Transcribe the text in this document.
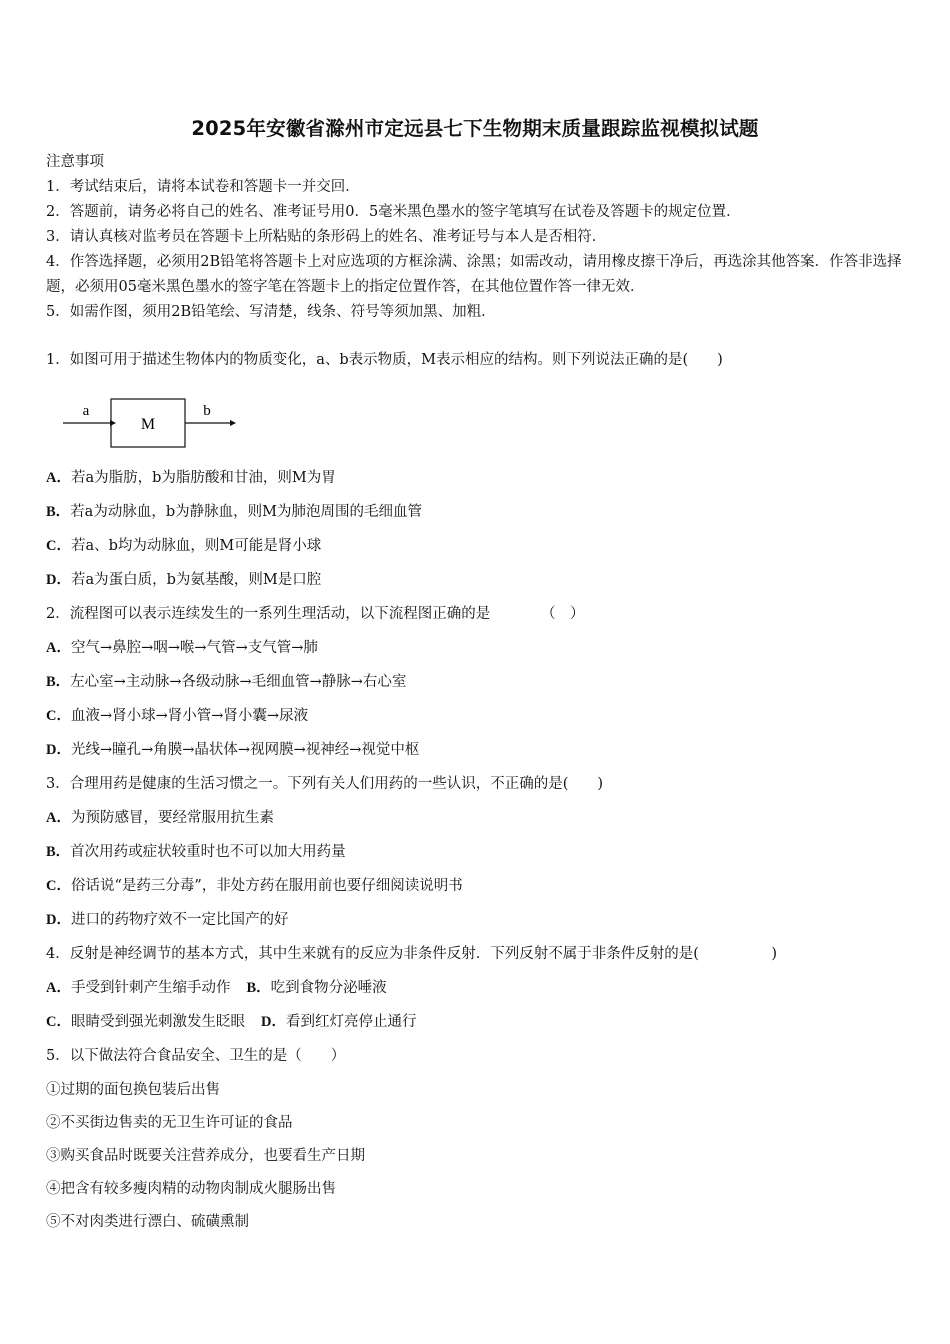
2025年安徽省滁州市定远县七下生物期末质量跟踪监视模拟试题
注意事项
1．考试结束后，请将本试卷和答题卡一并交回．
2．答题前，请务必将自己的姓名、准考证号用0．5毫米黑色墨水的签字笔填写在试卷及答题卡的规定位置．
3．请认真核对监考员在答题卡上所粘贴的条形码上的姓名、准考证号与本人是否相符．
4．作答选择题，必须用2B铅笔将答题卡上对应选项的方框涂满、涂黑；如需改动，请用橡皮擦干净后，再选涂其他答案．作答非选择题，必须用05毫米黑色墨水的签字笔在答题卡上的指定位置作答，在其他位置作答一律无效．
5．如需作图，须用2B铅笔绘、写清楚，线条、符号等须加黑、加粗．
1．如图可用于描述生物体内的物质变化，a、b表示物质，M表示相应的结构。则下列说法正确的是(　　)
a
M
b
A．若a为脂肪，b为脂肪酸和甘油，则M为胃
B．若a为动脉血，b为静脉血，则M为肺泡周围的毛细血管
C．若a、b均为动脉血，则M可能是肾小球
D．若a为蛋白质，b为氨基酸，则M是口腔
2．流程图可以表示连续发生的一系列生理活动，以下流程图正确的是　　　　（　）
A．空气→鼻腔→咽→喉→气管→支气管→肺
B．左心室→主动脉→各级动脉→毛细血管→静脉→右心室
C．血液→肾小球→肾小管→肾小囊→尿液
D．光线→瞳孔→角膜→晶状体→视网膜→视神经→视觉中枢
3．合理用药是健康的生活习惯之一。下列有关人们用药的一些认识，不正确的是(　　)
A．为预防感冒，要经常服用抗生素
B．首次用药或症状较重时也不可以加大用药量
C．俗话说“是药三分毒”，非处方药在服用前也要仔细阅读说明书
D．进口的药物疗效不一定比国产的好
4．反射是神经调节的基本方式，其中生来就有的反应为非条件反射．下列反射不属于非条件反射的是(　　　　　)
A．手受到针刺产生缩手动作 B．吃到食物分泌唾液
C．眼睛受到强光刺激发生眨眼 D．看到红灯亮停止通行
5．以下做法符合食品安全、卫生的是（　　）
①过期的面包换包装后出售
②不买街边售卖的无卫生许可证的食品
③购买食品时既要关注营养成分，也要看生产日期
④把含有较多瘦肉精的动物肉制成火腿肠出售
⑤不对肉类进行漂白、硫磺熏制
